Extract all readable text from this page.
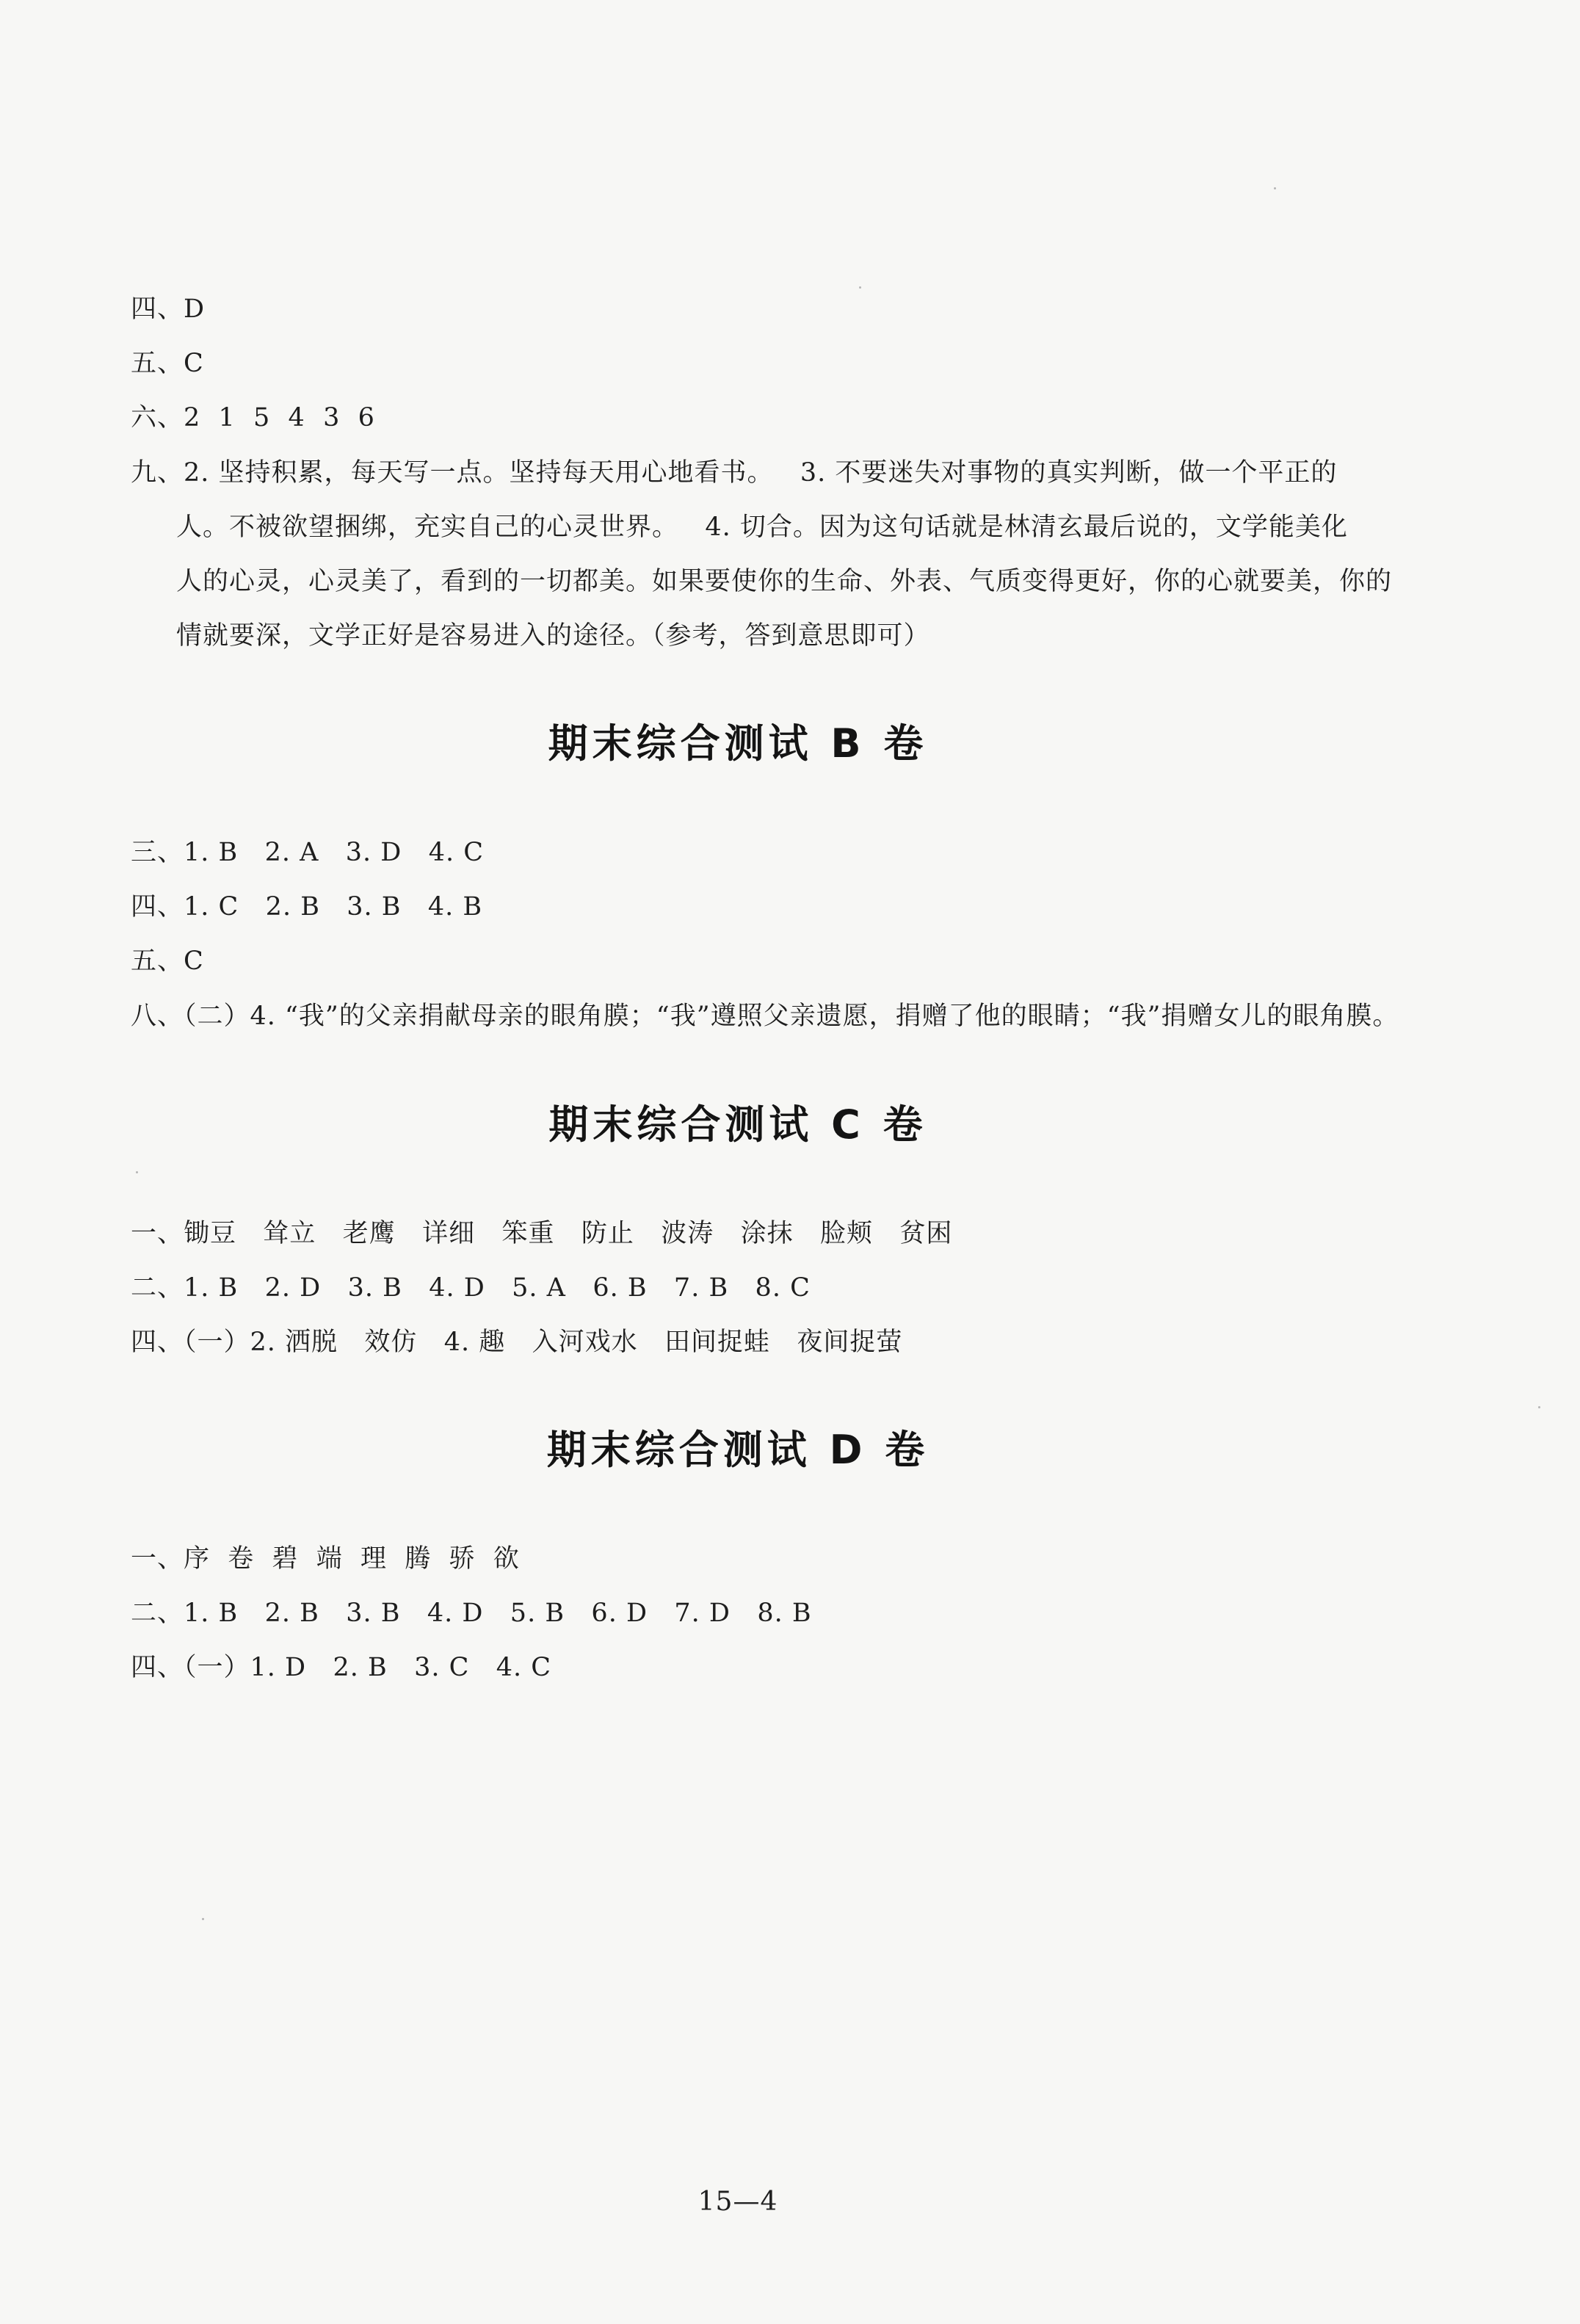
四、D
五、C
六、2  1  5  4  3  6
九、2. 坚持积累，每天写一点。坚持每天用心地看书。   3. 不要迷失对事物的真实判断，做一个平正的
人。不被欲望捆绑，充实自己的心灵世界。   4. 切合。因为这句话就是林清玄最后说的，文学能美化
人的心灵，心灵美了，看到的一切都美。如果要使你的生命、外表、气质变得更好，你的心就要美，你的
情就要深，文学正好是容易进入的途径。（参考，答到意思即可）
期末综合测试 B 卷
三、1. B   2. A   3. D   4. C
四、1. C   2. B   3. B   4. B
五、C
八、（二）4. “我”的父亲捐献母亲的眼角膜；“我”遵照父亲遗愿，捐赠了他的眼睛；“我”捐赠女儿的眼角膜。
期末综合测试 C 卷
一、锄豆   耸立   老鹰   详细   笨重   防止   波涛   涂抹   脸颊   贫困
二、1. B   2. D   3. B   4. D   5. A   6. B   7. B   8. C
四、（一）2. 洒脱   效仿   4. 趣   入河戏水   田间捉蛙   夜间捉萤
期末综合测试 D 卷
一、序  卷  碧  端  理  腾  骄  欲
二、1. B   2. B   3. B   4. D   5. B   6. D   7. D   8. B
四、（一）1. D   2. B   3. C   4. C
15—4
